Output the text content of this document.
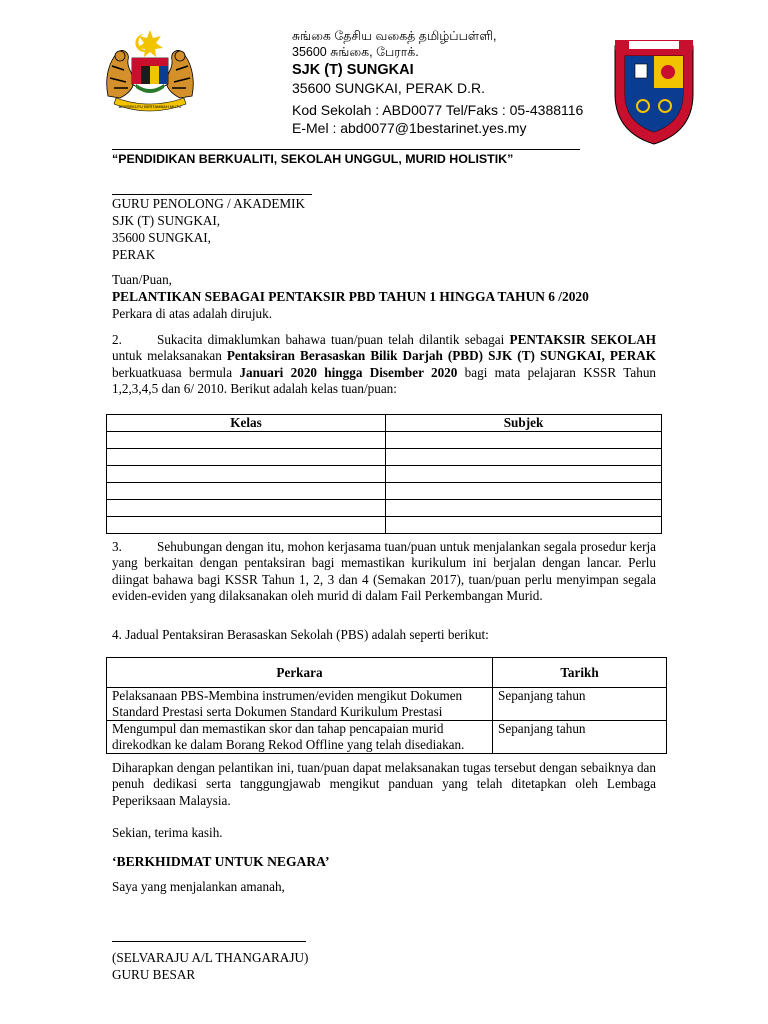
BERSEKUTU BERTAMBAH MUTU
சுங்கை தேசிய வகைத் தமிழ்ப்பள்ளி,
35600 சுங்கை, பேராக்.
SJK (T) SUNGKAI
35600 SUNGKAI, PERAK D.R.
Kod Sekolah : ABD0077 Tel/Faks : 05-4388116
E-Mel : abd0077@1bestarinet.yes.my
“PENDIDIKAN BERKUALITI, SEKOLAH UNGGUL, MURID HOLISTIK”
GURU PENOLONG / AKADEMIK
SJK (T) SUNGKAI,
35600 SUNGKAI,
PERAK
Tuan/Puan,
PELANTIKAN SEBAGAI PENTAKSIR PBD TAHUN 1 HINGGA TAHUN 6 /2020
Perkara di atas adalah dirujuk.
2.	Sukacita dimaklumkan bahawa tuan/puan telah dilantik sebagai PENTAKSIR SEKOLAH untuk melaksanakan Pentaksiran Berasaskan Bilik Darjah (PBD) SJK (T) SUNGKAI, PERAK berkuatkuasa bermula Januari 2020 hingga Disember 2020 bagi mata pelajaran KSSR Tahun 1,2,3,4,5 dan 6/ 2010. Berikut adalah kelas tuan/puan:
Kelas	Subjek

3.	Sehubungan dengan itu, mohon kerjasama tuan/puan untuk menjalankan segala prosedur kerja yang berkaitan dengan pentaksiran bagi memastikan kurikulum ini berjalan dengan lancar. Perlu diingat bahawa bagi KSSR Tahun 1, 2, 3 dan 4 (Semakan 2017), tuan/puan perlu menyimpan segala eviden-eviden yang dilaksanakan oleh murid di dalam Fail Perkembangan Murid.
4. Jadual Pentaksiran Berasaskan Sekolah (PBS) adalah seperti berikut:
Perkara	Tarikh
Pelaksanaan PBS-Membina instrumen/eviden mengikut Dokumen Standard Prestasi serta Dokumen Standard Kurikulum Prestasi	Sepanjang tahun
Mengumpul dan memastikan skor dan tahap pencapaian murid direkodkan ke dalam Borang Rekod Offline yang telah disediakan.	Sepanjang tahun
Diharapkan dengan pelantikan ini, tuan/puan dapat melaksanakan tugas tersebut dengan sebaiknya dan penuh dedikasi serta tanggungjawab mengikut panduan yang telah ditetapkan oleh Lembaga Peperiksaan Malaysia.
Sekian, terima kasih.
‘BERKHIDMAT UNTUK NEGARA’
Saya yang menjalankan amanah,
(SELVARAJU A/L THANGARAJU)
GURU BESAR
